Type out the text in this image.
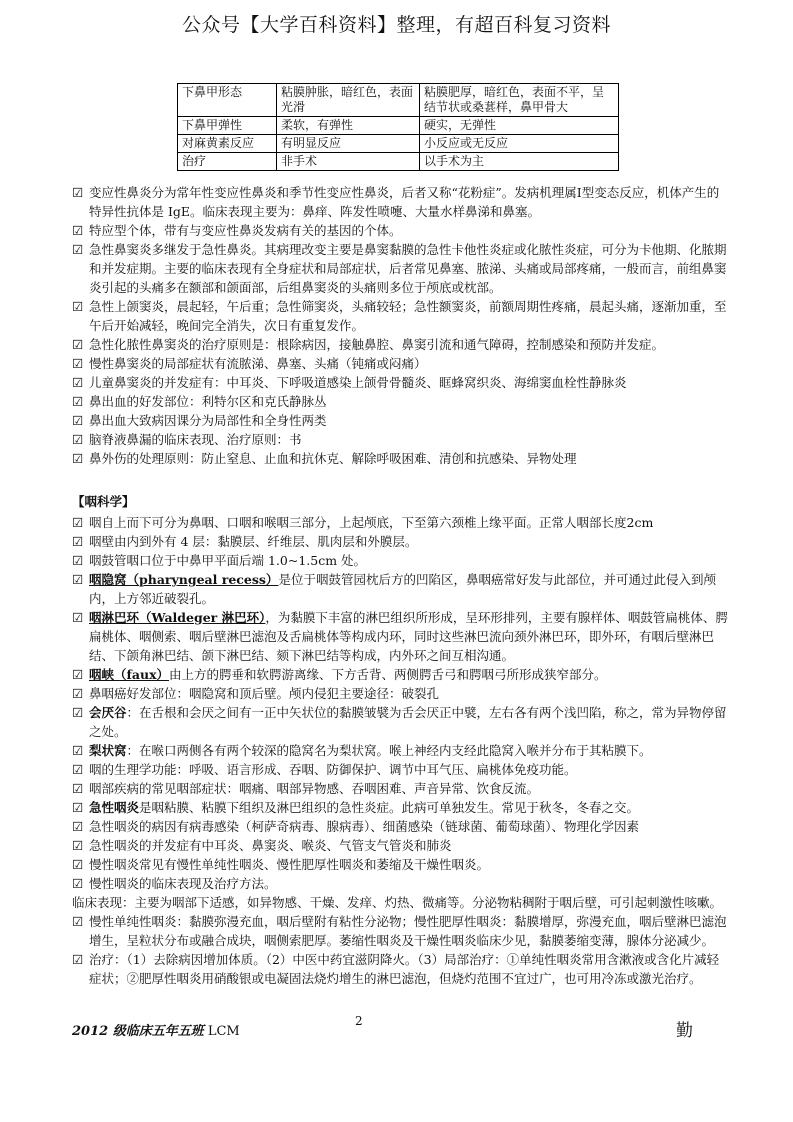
公众号【大学百科资料】整理，有超百科复习资料
下鼻甲形态	粘膜肿胀，暗红色，表面光滑	粘膜肥厚，暗红色，表面不平，呈结节状或桑葚样，鼻甲骨大
下鼻甲弹性	柔软，有弹性	硬实，无弹性
对麻黄素反应	有明显反应	小反应或无反应
治疗	非手术	以手术为主
☑ 变应性鼻炎分为常年性变应性鼻炎和季节性变应性鼻炎，后者又称“花粉症”。发病机理属Ⅰ型变态反应，机体产生的特异性抗体是 IgE。临床表现主要为：鼻痒、阵发性喷嚏、大量水样鼻涕和鼻塞。
☑ 特应型个体，带有与变应性鼻炎发病有关的基因的个体。
☑ 急性鼻窦炎多继发于急性鼻炎。其病理改变主要是鼻窦黏膜的急性卡他性炎症或化脓性炎症，可分为卡他期、化脓期和并发症期。主要的临床表现有全身症状和局部症状，后者常见鼻塞、脓涕、头痛或局部疼痛，一般而言，前组鼻窦炎引起的头痛多在额部和颌面部，后组鼻窦炎的头痛则多位于颅底或枕部。
☑ 急性上颌窦炎，晨起轻，午后重；急性筛窦炎，头痛较轻；急性额窦炎，前额周期性疼痛，晨起头痛，逐渐加重，至午后开始减轻，晚间完全消失，次日有重复发作。
☑ 急性化脓性鼻窦炎的治疗原则是：根除病因，接触鼻腔、鼻窦引流和通气障碍，控制感染和预防并发症。
☑ 慢性鼻窦炎的局部症状有流脓涕、鼻塞、头痛（钝痛或闷痛）
☑ 儿童鼻窦炎的并发症有：中耳炎、下呼吸道感染上颌骨骨髓炎、眶蜂窝织炎、海绵窦血栓性静脉炎
☑ 鼻出血的好发部位：利特尔区和克氏静脉丛
☑ 鼻出血大致病因课分为局部性和全身性两类
☑ 脑脊液鼻漏的临床表现、治疗原则：书
☑ 鼻外伤的处理原则：防止窒息、止血和抗休克、解除呼吸困难、清创和抗感染、异物处理
【咽科学】
☑ 咽自上而下可分为鼻咽、口咽和喉咽三部分，上起颅底，下至第六颈椎上缘平面。正常人咽部长度2cm
☑ 咽壁由内到外有 4 层：黏膜层、纤维层、肌肉层和外膜层。
☑ 咽鼓管咽口位于中鼻甲平面后端 1.0~1.5cm 处。
☑ 咽隐窝（pharyngeal recess）是位于咽鼓管园枕后方的凹陷区，鼻咽癌常好发与此部位，并可通过此侵入到颅内，上方邻近破裂孔。
☑ 咽淋巴环（Waldeger 淋巴环），为黏膜下丰富的淋巴组织所形成，呈环形排列，主要有腺样体、咽鼓管扁桃体、腭扁桃体、咽侧索、咽后壁淋巴滤泡及舌扁桃体等构成内环，同时这些淋巴流向颈外淋巴环，即外环，有咽后壁淋巴结、下颌角淋巴结、颌下淋巴结、颏下淋巴结等构成，内外环之间互相沟通。
☑ 咽峡（faux）由上方的腭垂和软腭游离缘、下方舌背、两侧腭舌弓和腭咽弓所形成狭窄部分。
☑ 鼻咽癌好发部位：咽隐窝和顶后壁。颅内侵犯主要途径：破裂孔
☑ 会厌谷：在舌根和会厌之间有一正中矢状位的黏膜皱襞为舌会厌正中襞，左右各有两个浅凹陷，称之，常为异物停留之处。
☑ 梨状窝：在喉口两侧各有两个较深的隐窝名为梨状窝。喉上神经内支经此隐窝入喉并分布于其粘膜下。
☑ 咽的生理学功能：呼吸、语言形成、吞咽、防御保护、调节中耳气压、扁桃体免疫功能。
☑ 咽部疾病的常见咽部症状：咽痛、咽部异物感、吞咽困难、声音异常、饮食反流。
☑ 急性咽炎是咽粘膜、粘膜下组织及淋巴组织的急性炎症。此病可单独发生。常见于秋冬，冬春之交。
☑ 急性咽炎的病因有病毒感染（柯萨奇病毒、腺病毒）、细菌感染（链球菌、葡萄球菌）、物理化学因素
☑ 急性咽炎的并发症有中耳炎、鼻窦炎、喉炎、气管支气管炎和肺炎
☑ 慢性咽炎常见有慢性单纯性咽炎、慢性肥厚性咽炎和萎缩及干燥性咽炎。
☑ 慢性咽炎的临床表现及治疗方法。
临床表现：主要为咽部下适感，如异物感、干燥、发痒、灼热、微痛等。分泌物粘稠附于咽后壁，可引起刺激性咳嗽。
☑ 慢性单纯性咽炎：黏膜弥漫充血，咽后壁附有粘性分泌物；慢性肥厚性咽炎：黏膜增厚，弥漫充血，咽后壁淋巴滤泡增生，呈粒状分布或融合成块，咽侧索肥厚。萎缩性咽炎及干燥性咽炎临床少见，黏膜萎缩变薄，腺体分泌减少。
☑ 治疗：（1）去除病因增加体质。（2）中医中药宜滋阴降火。（3）局部治疗：①单纯性咽炎常用含漱液或含化片减轻症状；②肥厚性咽炎用硝酸银或电凝固法烧灼增生的淋巴滤泡，但烧灼范围不宜过广，也可用冷冻或激光治疗。
2012 级临床五年五班 LCM
2	勤
